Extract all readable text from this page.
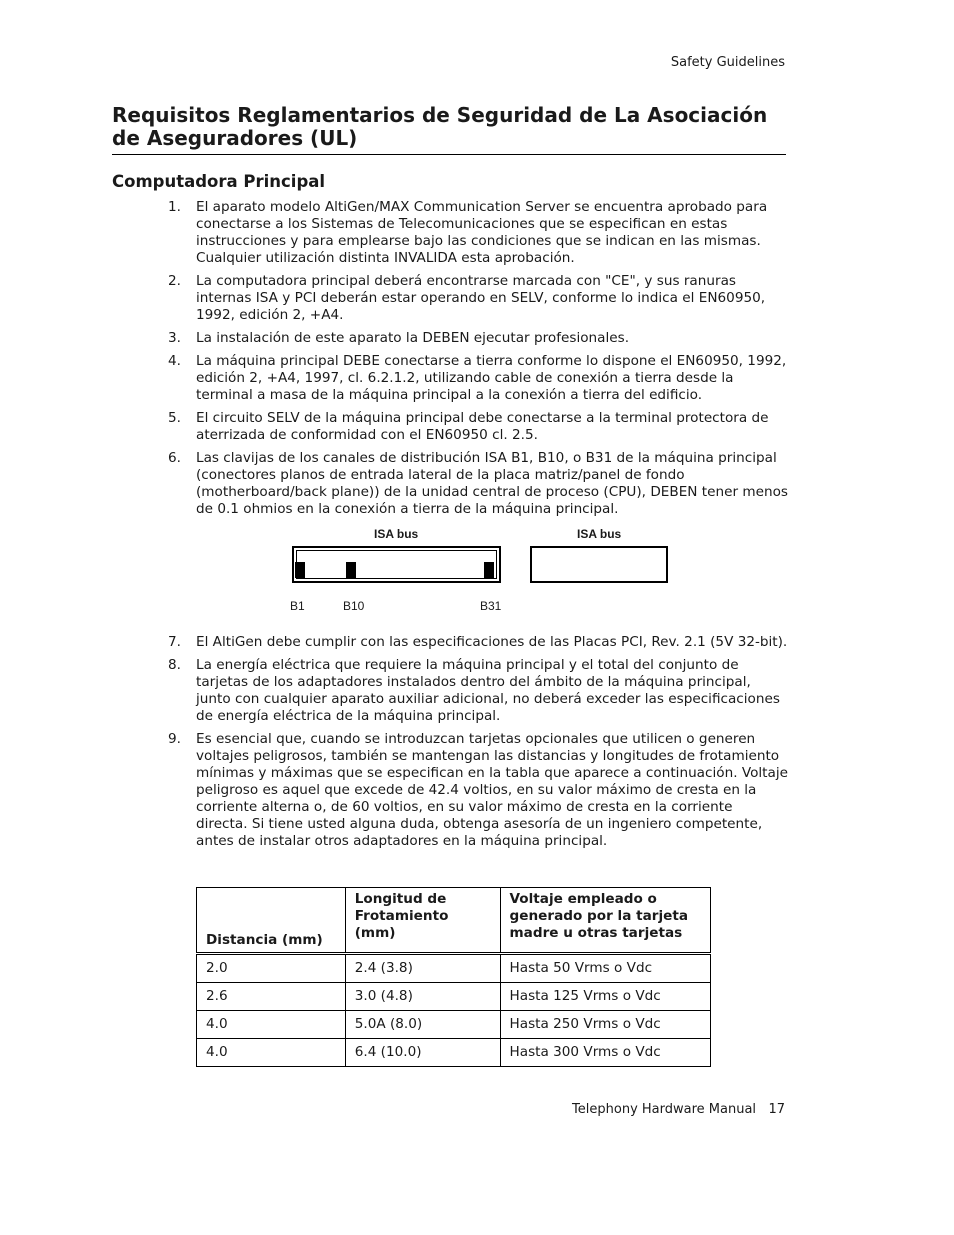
Safety Guidelines
Requisitos Reglamentarios de Seguridad de La Asociación de Aseguradores (UL)
Computadora Principal
1. El aparato modelo AltiGen/MAX Communication Server se encuentra aprobado para conectarse a los Sistemas de Telecomunicaciones que se especifican en estas instrucciones y para emplearse bajo las condiciones que se indican en las mismas. Cualquier utilización distinta INVALIDA esta aprobación.
2. La computadora principal deberá encontrarse marcada con "CE", y sus ranuras internas ISA y PCI deberán estar operando en SELV, conforme lo indica el EN60950, 1992, edición 2, +A4.
3. La instalación de este aparato la DEBEN ejecutar profesionales.
4. La máquina principal DEBE conectarse a tierra conforme lo dispone el EN60950, 1992, edición 2, +A4, 1997, cl. 6.2.1.2, utilizando cable de conexión a tierra desde la terminal a masa de la máquina principal a la conexión a tierra del edificio.
5. El circuito SELV de la máquina principal debe conectarse a la terminal protectora de aterrizada de conformidad con el EN60950 cl. 2.5.
6. Las clavijas de los canales de distribución ISA B1, B10, o B31 de la máquina principal (conectores planos de entrada lateral de la placa matriz/panel de fondo (motherboard/back plane)) de la unidad central de proceso (CPU), DEBEN tener menos de 0.1 ohmios en la conexión a tierra de la máquina principal.
ISA bus	ISA bus
B1	B10	B31
7. El AltiGen debe cumplir con las especificaciones de las Placas PCI, Rev. 2.1 (5V 32-bit).
8. La energía eléctrica que requiere la máquina principal y el total del conjunto de tarjetas de los adaptadores instalados dentro del ámbito de la máquina principal, junto con cualquier aparato auxiliar adicional, no deberá exceder las especificaciones de energía eléctrica de la máquina principal.
9. Es esencial que, cuando se introduzcan tarjetas opcionales que utilicen o generen voltajes peligrosos, también se mantengan las distancias y longitudes de frotamiento mínimas y máximas que se especifican en la tabla que aparece a continuación. Voltaje peligroso es aquel que excede de 42.4 voltios, en su valor máximo de cresta en la corriente alterna o, de 60 voltios, en su valor máximo de cresta en la corriente directa. Si tiene usted alguna duda, obtenga asesoría de un ingeniero competente, antes de instalar otros adaptadores en la máquina principal.
Distancia (mm)	Longitud de Frotamiento (mm)	Voltaje empleado o generado por la tarjeta madre u otras tarjetas
2.0	2.4 (3.8)	Hasta 50 Vrms o Vdc
2.6	3.0 (4.8)	Hasta 125 Vrms o Vdc
4.0	5.0A (8.0)	Hasta 250 Vrms o Vdc
4.0	6.4 (10.0)	Hasta 300 Vrms o Vdc
Telephony Hardware Manual 17
